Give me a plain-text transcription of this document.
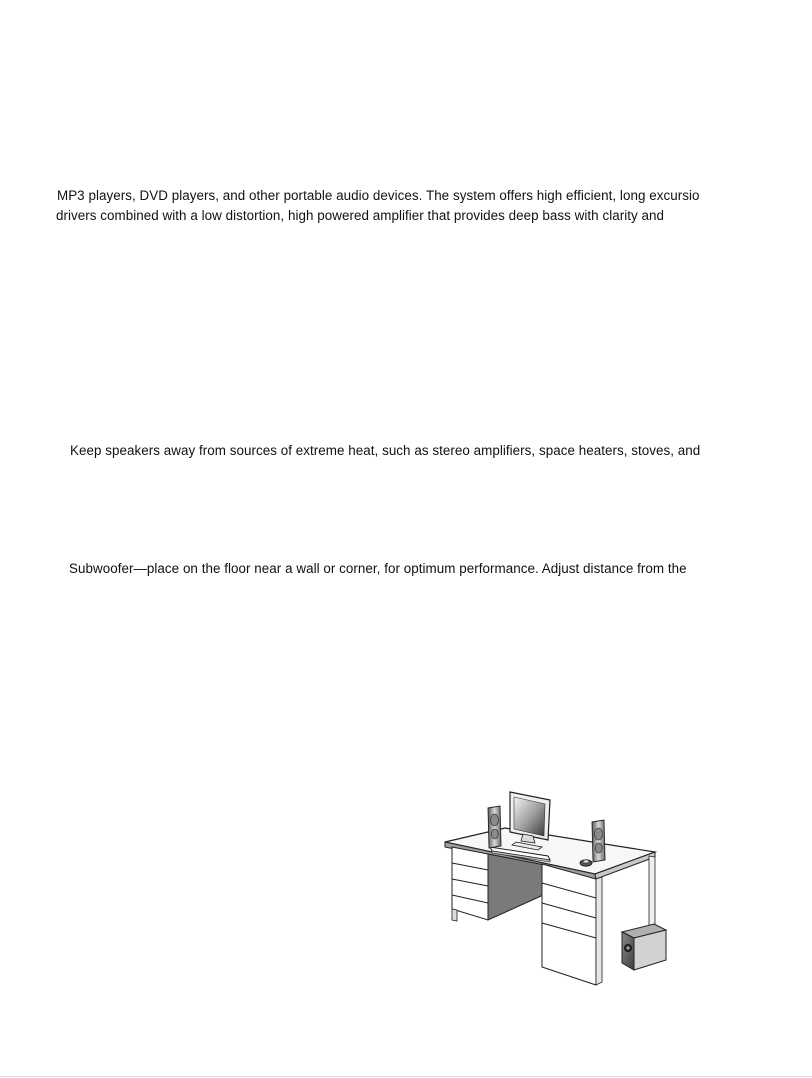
MP3 players, DVD players, and other portable audio devices. The system offers high efficient, long excursio
drivers combined with a low distortion, high powered amplifier that provides deep bass with clarity and
Keep speakers away from sources of extreme heat, such as stereo amplifiers, space heaters, stoves, and
Subwoofer—place on the floor near a wall or corner, for optimum performance. Adjust distance from the
